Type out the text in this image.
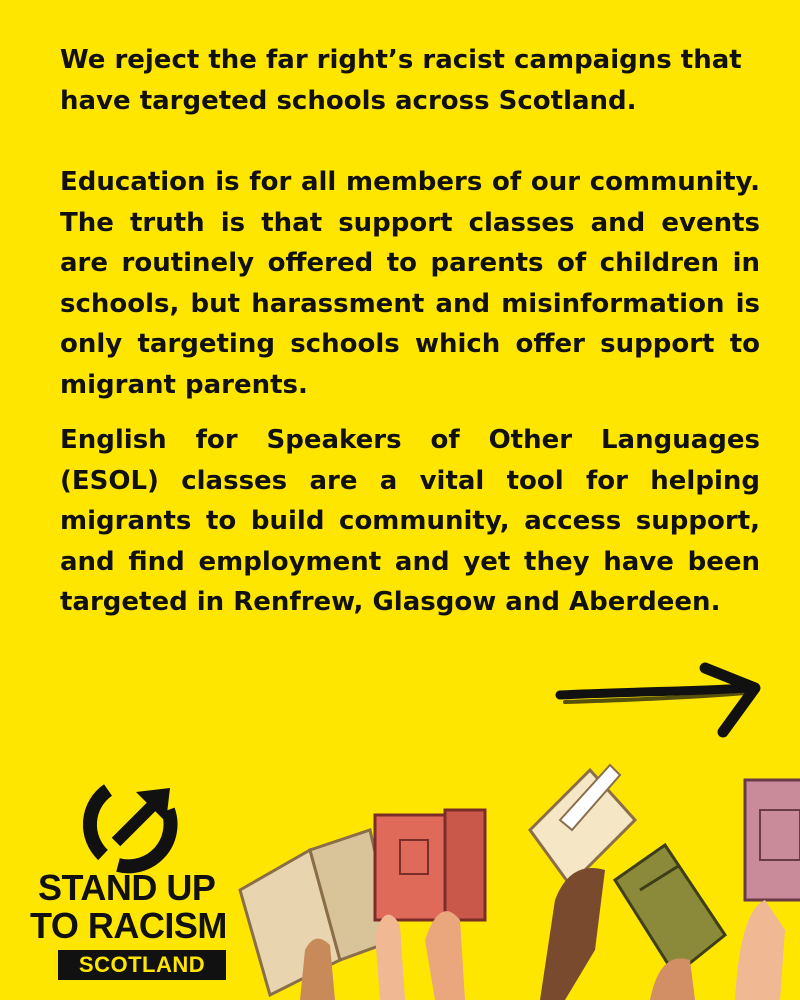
We reject the far right’s racist campaigns that have targeted schools across Scotland.

Education is for all members of our community. The truth is that support classes and events are routinely offered to parents of children in schools, but harassment and misinformation is only targeting schools which offer support to migrant parents.

English for Speakers of Other Languages (ESOL) classes are a vital tool for helping migrants to build community, access support, and find employment and yet they have been targeted in Renfrew, Glasgow and Aberdeen.

STAND UP
TO RACISM
SCOTLAND
